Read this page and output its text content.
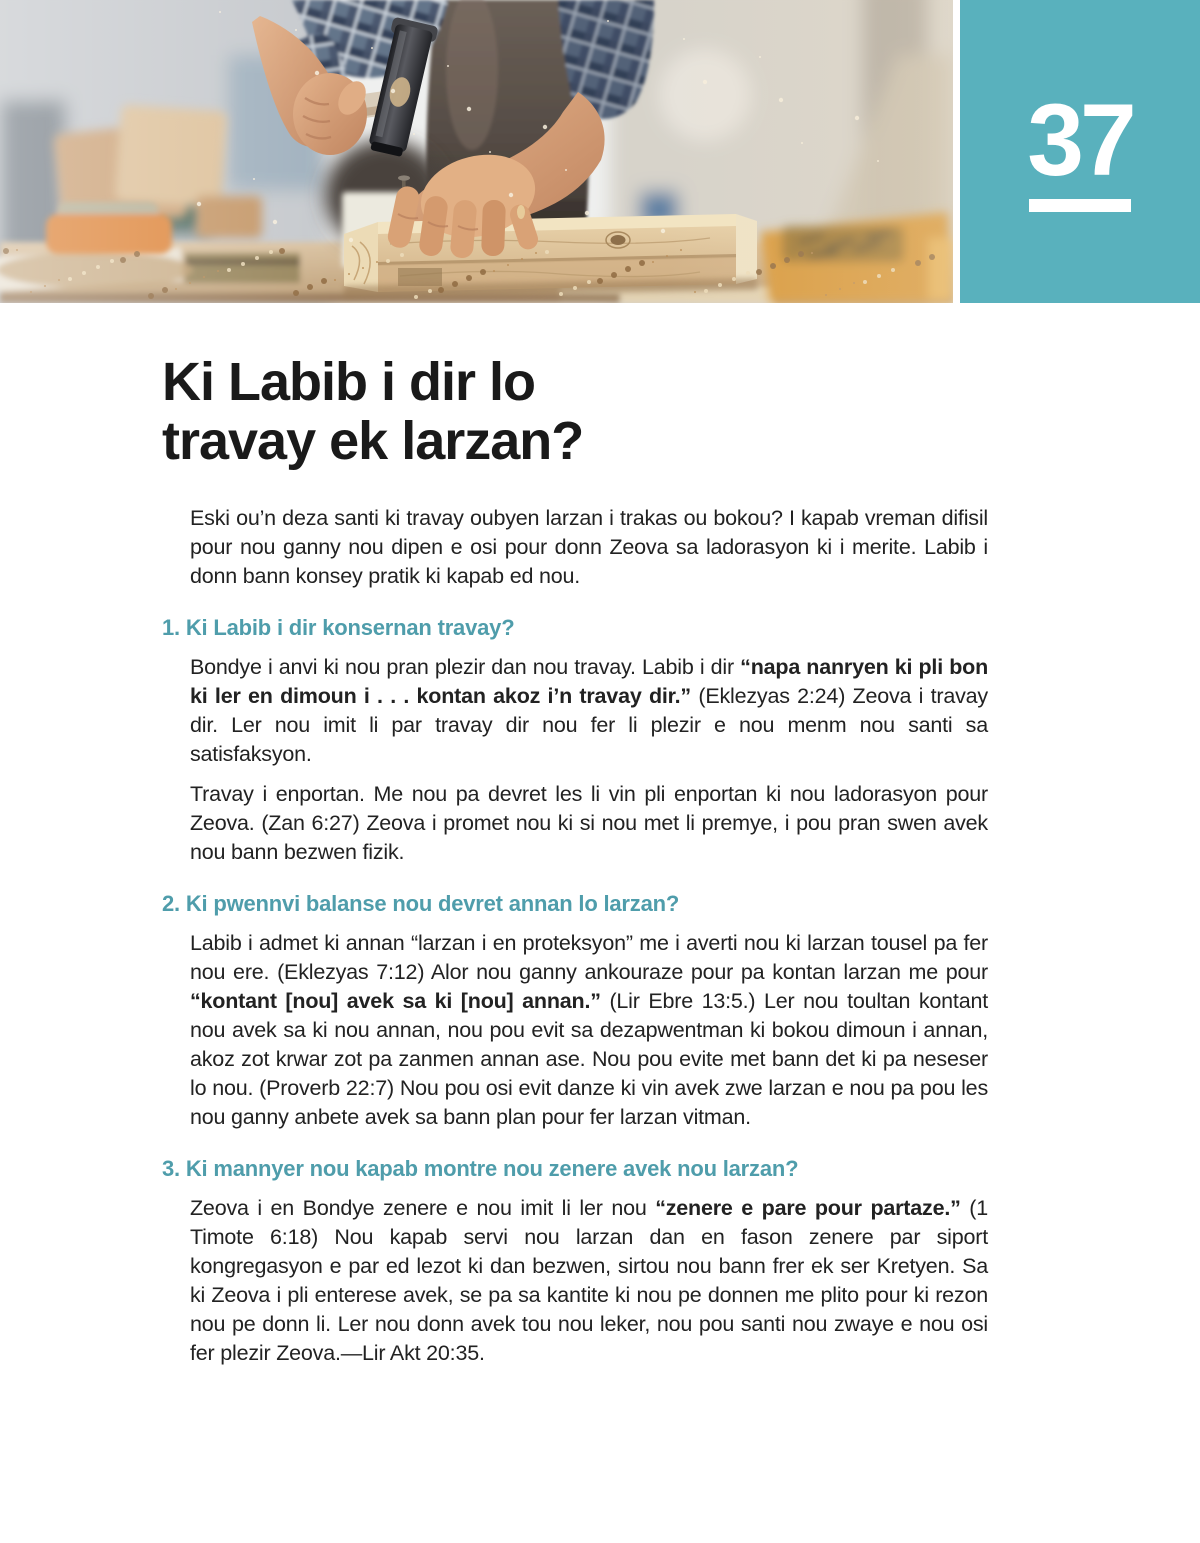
37
Ki Labib i dir lo
travay ek larzan?

Eski ou’n deza santi ki travay oubyen larzan i trakas ou bokou? I kapab vreman difisil pour nou ganny nou dipen e osi pour donn Zeova sa ladorasyon ki i merite. Labib i donn bann konsey pratik ki kapab ed nou.

1. Ki Labib i dir konsernan travay?

Bondye i anvi ki nou pran plezir dan nou travay. Labib i dir “napa nanryen ki pli bon ki ler en dimoun i . . . kontan akoz i’n travay dir.” (Eklezyas 2:24) Zeova i travay dir. Ler nou imit li par travay dir nou fer li plezir e nou menm nou santi sa satisfaksyon.

Travay i enportan. Me nou pa devret les li vin pli enportan ki nou ladorasyon pour Zeova. (Zan 6:27) Zeova i promet nou ki si nou met li premye, i pou pran swen avek nou bann bezwen fizik.

2. Ki pwennvi balanse nou devret annan lo larzan?

Labib i admet ki annan “larzan i en proteksyon” me i averti nou ki larzan tousel pa fer nou ere. (Eklezyas 7:12) Alor nou ganny ankouraze pour pa kontan larzan me pour “kontant [nou] avek sa ki [nou] annan.” (Lir Ebre 13:5.) Ler nou toultan kontant nou avek sa ki nou annan, nou pou evit sa dezapwentman ki bokou dimoun i annan, akoz zot krwar zot pa zanmen annan ase. Nou pou evite met bann det ki pa neseser lo nou. (Proverb 22:7) Nou pou osi evit danze ki vin avek zwe larzan e nou pa pou les nou ganny anbete avek sa bann plan pour fer larzan vitman.

3. Ki mannyer nou kapab montre nou zenere avek nou larzan?

Zeova i en Bondye zenere e nou imit li ler nou “zenere e pare pour partaze.” (1 Timote 6:18) Nou kapab servi nou larzan dan en fason zenere par siport kongregasyon e par ed lezot ki dan bezwen, sirtou nou bann frer ek ser Kretyen. Sa ki Zeova i pli enterese avek, se pa sa kantite ki nou pe donnen me plito pour ki rezon nou pe donn li. Ler nou donn avek tou nou leker, nou pou santi nou zwaye e nou osi fer plezir Zeova.—Lir Akt 20:35.
